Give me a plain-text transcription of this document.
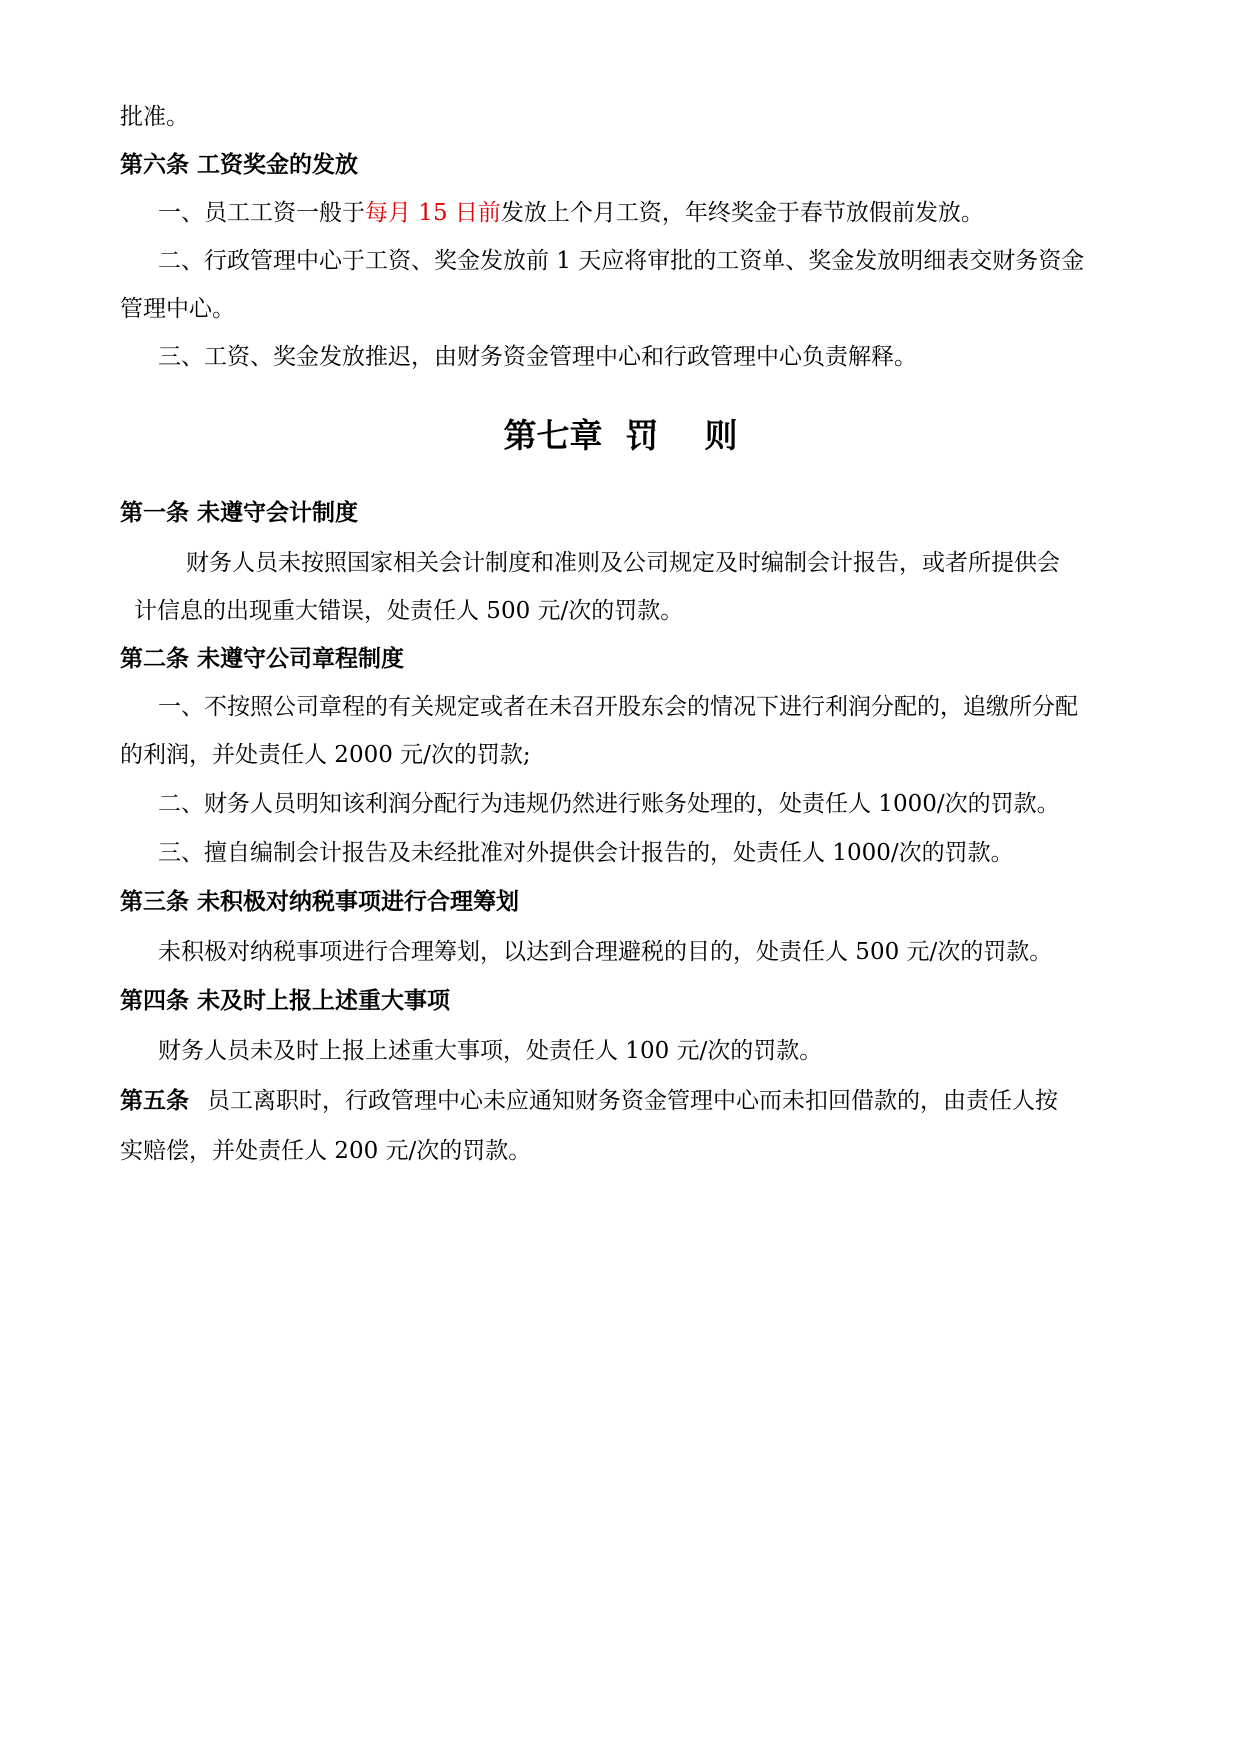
批准。
第六条 工资奖金的发放
一、员工工资一般于每月 15 日前发放上个月工资，年终奖金于春节放假前发放。
二、行政管理中心于工资、奖金发放前 1 天应将审批的工资单、奖金发放明细表交财务资金
管理中心。
三、工资、奖金发放推迟，由财务资金管理中心和行政管理中心负责解释。
第七章  罚    则
第一条 未遵守会计制度
财务人员未按照国家相关会计制度和准则及公司规定及时编制会计报告，或者所提供会
计信息的出现重大错误，处责任人 500 元/次的罚款。
第二条 未遵守公司章程制度
一、不按照公司章程的有关规定或者在未召开股东会的情况下进行利润分配的，追缴所分配
的利润，并处责任人 2000 元/次的罚款;
二、财务人员明知该利润分配行为违规仍然进行账务处理的，处责任人 1000/次的罚款。
三、擅自编制会计报告及未经批准对外提供会计报告的，处责任人 1000/次的罚款。
第三条 未积极对纳税事项进行合理筹划
未积极对纳税事项进行合理筹划，以达到合理避税的目的，处责任人 500 元/次的罚款。
第四条 未及时上报上述重大事项
财务人员未及时上报上述重大事项，处责任人 100 元/次的罚款。
第五条 员工离职时，行政管理中心未应通知财务资金管理中心而未扣回借款的，由责任人按
实赔偿，并处责任人 200 元/次的罚款。
